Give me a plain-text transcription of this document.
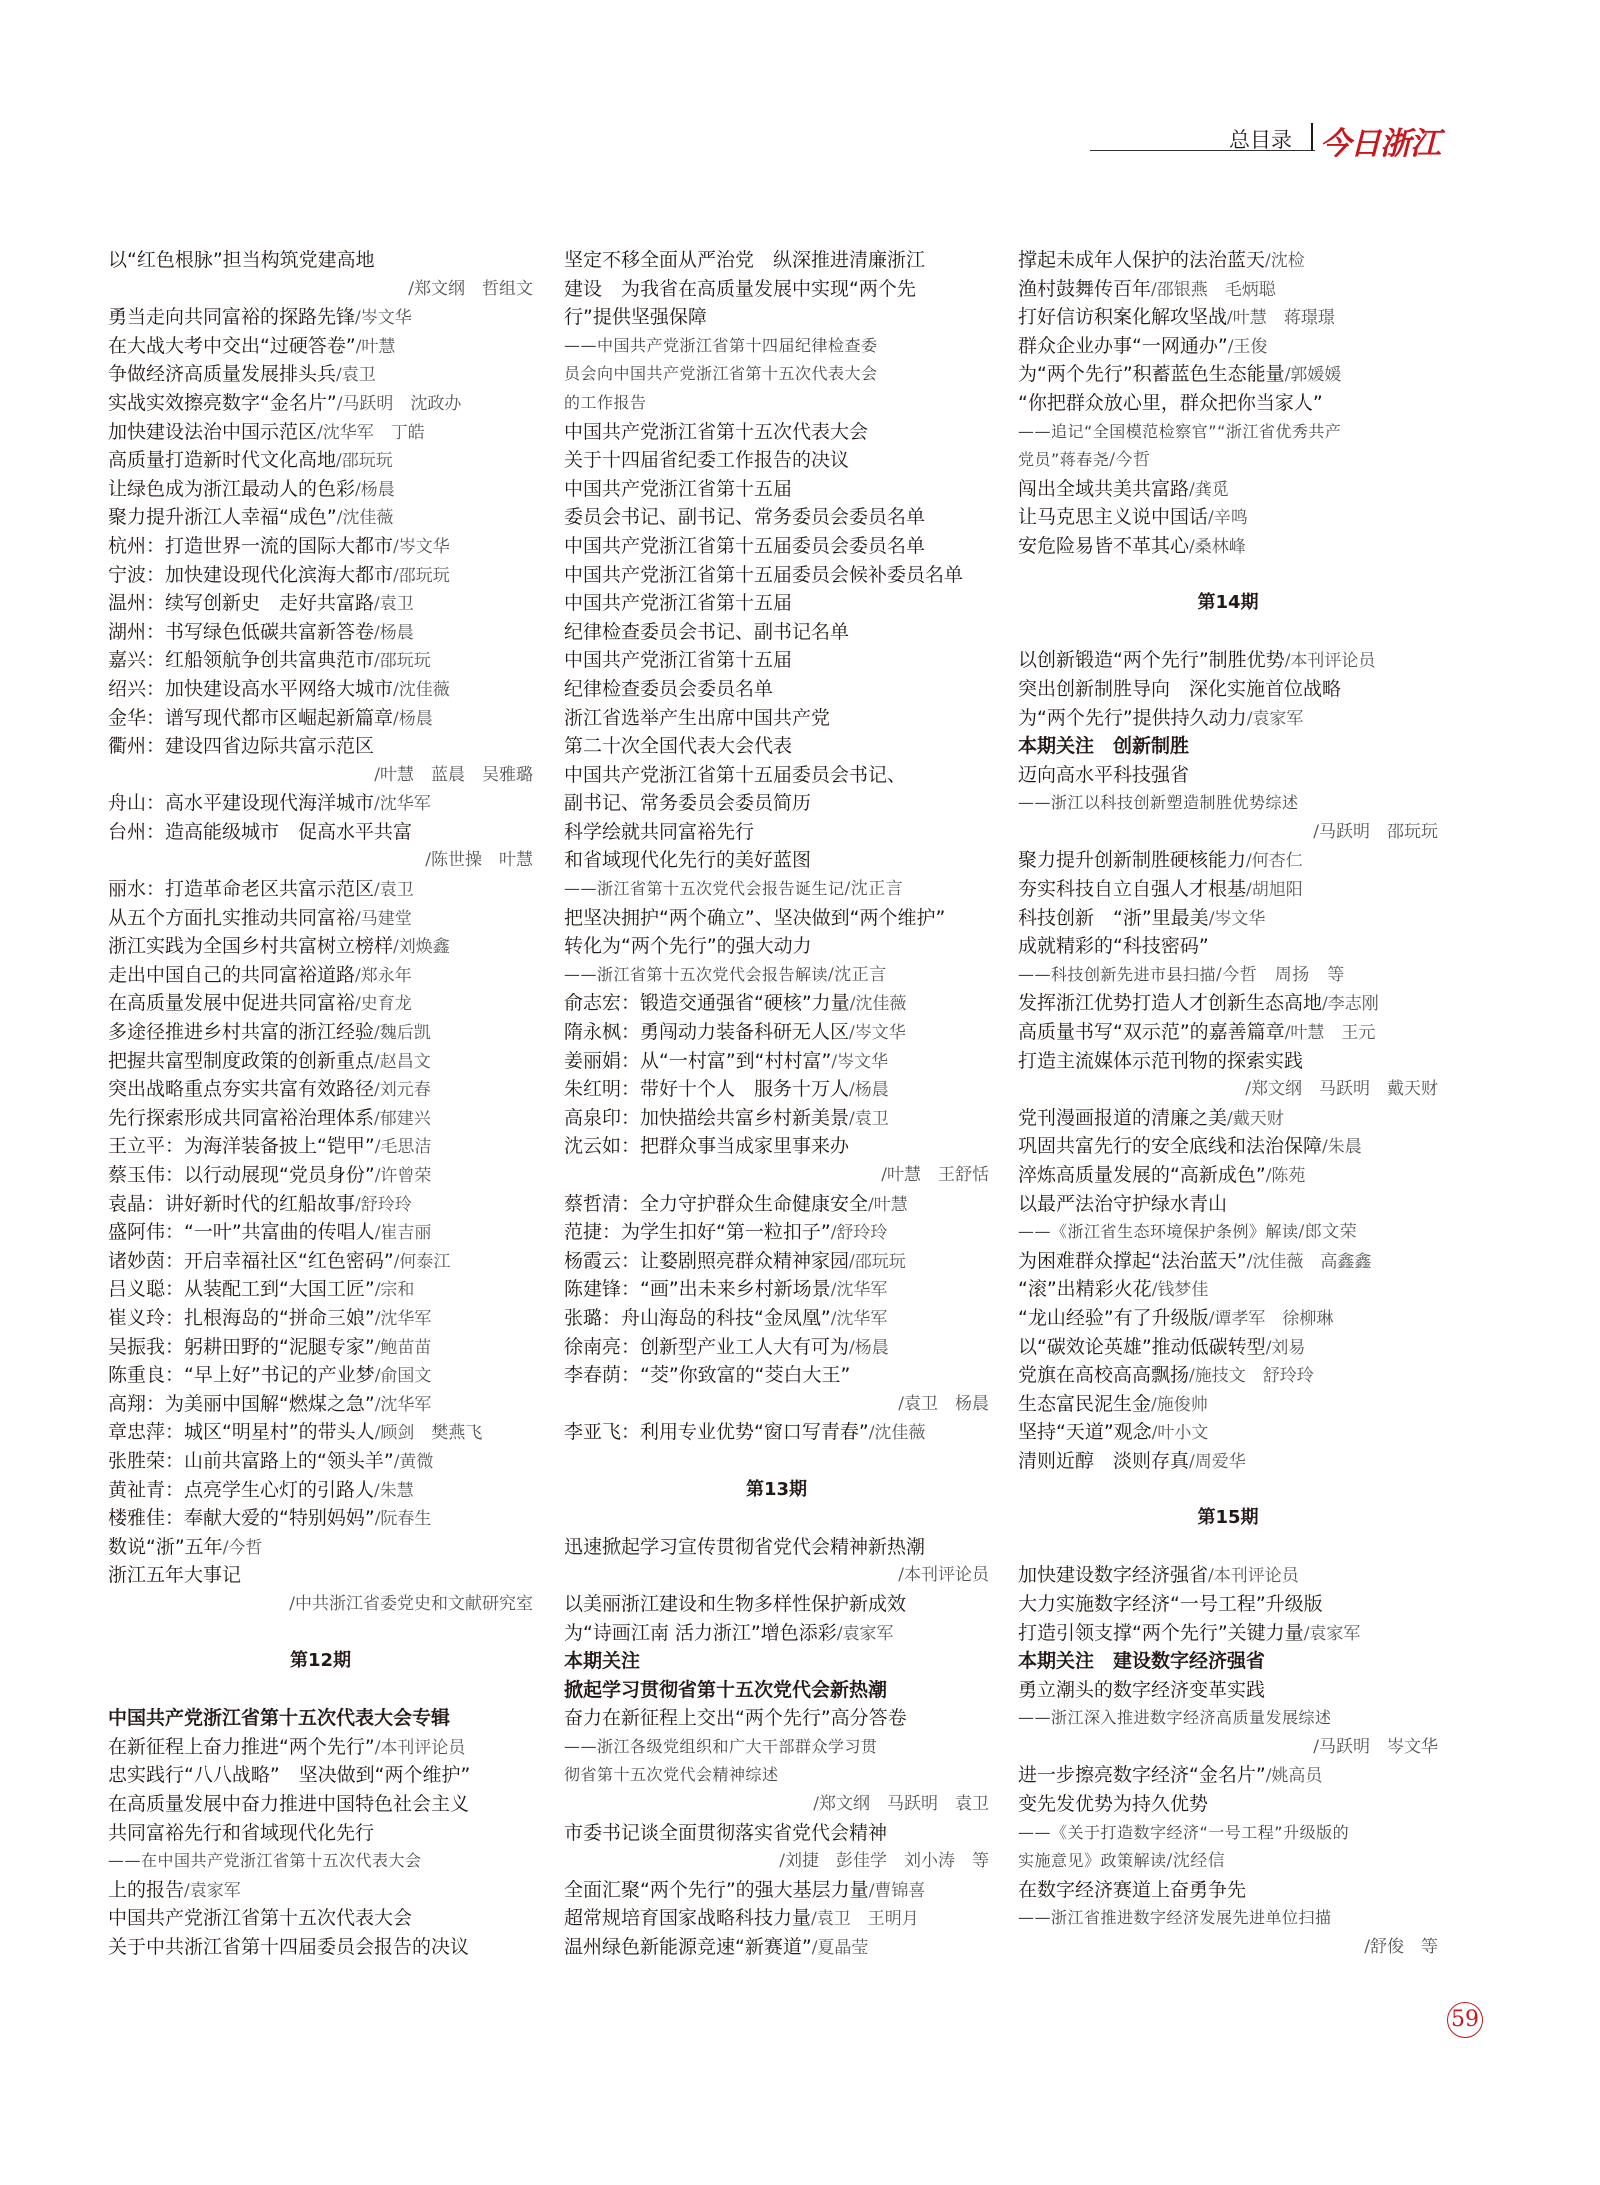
总目录 今日浙江
以“红色根脉”担当构筑党建高地
/郑文纲　哲组文
勇当走向共同富裕的探路先锋/岑文华
在大战大考中交出“过硬答卷”/叶慧
争做经济高质量发展排头兵/袁卫
实战实效擦亮数字“金名片”/马跃明　沈政办
加快建设法治中国示范区/沈华军　丁皓
高质量打造新时代文化高地/邵玩玩
让绿色成为浙江最动人的色彩/杨晨
聚力提升浙江人幸福“成色”/沈佳薇
杭州：打造世界一流的国际大都市/岑文华
宁波：加快建设现代化滨海大都市/邵玩玩
温州：续写创新史　走好共富路/袁卫
湖州：书写绿色低碳共富新答卷/杨晨
嘉兴：红船领航争创共富典范市/邵玩玩
绍兴：加快建设高水平网络大城市/沈佳薇
金华：谱写现代都市区崛起新篇章/杨晨
衢州：建设四省边际共富示范区
/叶慧　蓝晨　吴雅璐
舟山：高水平建设现代海洋城市/沈华军
台州：造高能级城市　促高水平共富
/陈世操　叶慧
丽水：打造革命老区共富示范区/袁卫
从五个方面扎实推动共同富裕/马建堂
浙江实践为全国乡村共富树立榜样/刘焕鑫
走出中国自己的共同富裕道路/郑永年
在高质量发展中促进共同富裕/史育龙
多途径推进乡村共富的浙江经验/魏后凯
把握共富型制度政策的创新重点/赵昌文
突出战略重点夯实共富有效路径/刘元春
先行探索形成共同富裕治理体系/郁建兴
王立平：为海洋装备披上“铠甲”/毛思洁
蔡玉伟：以行动展现“党员身份”/许曾荣
袁晶：讲好新时代的红船故事/舒玲玲
盛阿伟：“一叶”共富曲的传唱人/崔吉丽
诸妙茵：开启幸福社区“红色密码”/何泰江
吕义聪：从装配工到“大国工匠”/宗和
崔义玲：扎根海岛的“拼命三娘”/沈华军
吴振我：躬耕田野的“泥腿专家”/鲍苗苗
陈重良：“早上好”书记的产业梦/俞国文
高翔：为美丽中国解“燃煤之急”/沈华军
章忠萍：城区“明星村”的带头人/顾剑　樊燕飞
张胜荣：山前共富路上的“领头羊”/黄微
黄祉青：点亮学生心灯的引路人/朱慧
楼雅佳：奉献大爱的“特别妈妈”/阮春生
数说“浙”五年/今哲
浙江五年大事记
/中共浙江省委党史和文献研究室
第12期
中国共产党浙江省第十五次代表大会专辑
在新征程上奋力推进“两个先行”/本刊评论员
忠实践行“八八战略”　坚决做到“两个维护”
在高质量发展中奋力推进中国特色社会主义
共同富裕先行和省域现代化先行
——在中国共产党浙江省第十五次代表大会
上的报告/袁家军
中国共产党浙江省第十五次代表大会
关于中共浙江省第十四届委员会报告的决议
坚定不移全面从严治党　纵深推进清廉浙江
建设　为我省在高质量发展中实现“两个先
行”提供坚强保障
——中国共产党浙江省第十四届纪律检查委
员会向中国共产党浙江省第十五次代表大会
的工作报告
中国共产党浙江省第十五次代表大会
关于十四届省纪委工作报告的决议
中国共产党浙江省第十五届
委员会书记、副书记、常务委员会委员名单
中国共产党浙江省第十五届委员会委员名单
中国共产党浙江省第十五届委员会候补委员名单
中国共产党浙江省第十五届
纪律检查委员会书记、副书记名单
中国共产党浙江省第十五届
纪律检查委员会委员名单
浙江省选举产生出席中国共产党
第二十次全国代表大会代表
中国共产党浙江省第十五届委员会书记、
副书记、常务委员会委员简历
科学绘就共同富裕先行
和省域现代化先行的美好蓝图
——浙江省第十五次党代会报告诞生记/沈正言
把坚决拥护“两个确立”、坚决做到“两个维护”
转化为“两个先行”的强大动力
——浙江省第十五次党代会报告解读/沈正言
俞志宏：锻造交通强省“硬核”力量/沈佳薇
隋永枫：勇闯动力装备科研无人区/岑文华
姜丽娟：从“一村富”到“村村富”/岑文华
朱红明：带好十个人　服务十万人/杨晨
高泉印：加快描绘共富乡村新美景/袁卫
沈云如：把群众事当成家里事来办
/叶慧　王舒恬
蔡哲清：全力守护群众生命健康安全/叶慧
范捷：为学生扣好“第一粒扣子”/舒玲玲
杨霞云：让婺剧照亮群众精神家园/邵玩玩
陈建锋：“画”出未来乡村新场景/沈华军
张璐：舟山海岛的科技“金凤凰”/沈华军
徐南亮：创新型产业工人大有可为/杨晨
李春荫：“茭”你致富的“茭白大王”
/袁卫　杨晨
李亚飞：利用专业优势“窗口写青春”/沈佳薇
第13期
迅速掀起学习宣传贯彻省党代会精神新热潮
/本刊评论员
以美丽浙江建设和生物多样性保护新成效
为“诗画江南 活力浙江”增色添彩/袁家军
本期关注
掀起学习贯彻省第十五次党代会新热潮
奋力在新征程上交出“两个先行”高分答卷
——浙江各级党组织和广大干部群众学习贯
彻省第十五次党代会精神综述
/郑文纲　马跃明　袁卫
市委书记谈全面贯彻落实省党代会精神
/刘捷　彭佳学　刘小涛　等
全面汇聚“两个先行”的强大基层力量/曹锦喜
超常规培育国家战略科技力量/袁卫　王明月
温州绿色新能源竞速“新赛道”/夏晶莹
撑起未成年人保护的法治蓝天/沈检
渔村鼓舞传百年/邵银燕　毛炳聪
打好信访积案化解攻坚战/叶慧　蒋璟璟
群众企业办事“一网通办”/王俊
为“两个先行”积蓄蓝色生态能量/郭媛媛
“你把群众放心里，群众把你当家人”
——追记“全国模范检察官”“浙江省优秀共产
党员”蒋春尧/今哲
闯出全域共美共富路/龚觅
让马克思主义说中国话/辛鸣
安危险易皆不革其心/桑林峰
第14期
以创新锻造“两个先行”制胜优势/本刊评论员
突出创新制胜导向　深化实施首位战略
为“两个先行”提供持久动力/袁家军
本期关注　创新制胜
迈向高水平科技强省
——浙江以科技创新塑造制胜优势综述
/马跃明　邵玩玩
聚力提升创新制胜硬核能力/何杏仁
夯实科技自立自强人才根基/胡旭阳
科技创新　“浙”里最美/岑文华
成就精彩的“科技密码”
——科技创新先进市县扫描/今哲　周扬　等
发挥浙江优势打造人才创新生态高地/李志刚
高质量书写“双示范”的嘉善篇章/叶慧　王元
打造主流媒体示范刊物的探索实践
/郑文纲　马跃明　戴天财
党刊漫画报道的清廉之美/戴天财
巩固共富先行的安全底线和法治保障/朱晨
淬炼高质量发展的“高新成色”/陈苑
以最严法治守护绿水青山
——《浙江省生态环境保护条例》解读/郎文荣
为困难群众撑起“法治蓝天”/沈佳薇　高鑫鑫
“滚”出精彩火花/钱梦佳
“龙山经验”有了升级版/谭孝军　徐柳琳
以“碳效论英雄”推动低碳转型/刘易
党旗在高校高高飘扬/施技文　舒玲玲
生态富民泥生金/施俊帅
坚持“天道”观念/叶小文
清则近醇　淡则存真/周爱华
第15期
加快建设数字经济强省/本刊评论员
大力实施数字经济“一号工程”升级版
打造引领支撑“两个先行”关键力量/袁家军
本期关注　建设数字经济强省
勇立潮头的数字经济变革实践
——浙江深入推进数字经济高质量发展综述
/马跃明　岑文华
进一步擦亮数字经济“金名片”/姚高员
变先发优势为持久优势
——《关于打造数字经济“一号工程”升级版的
实施意见》政策解读/沈经信
在数字经济赛道上奋勇争先
——浙江省推进数字经济发展先进单位扫描
/舒俊　等
59
